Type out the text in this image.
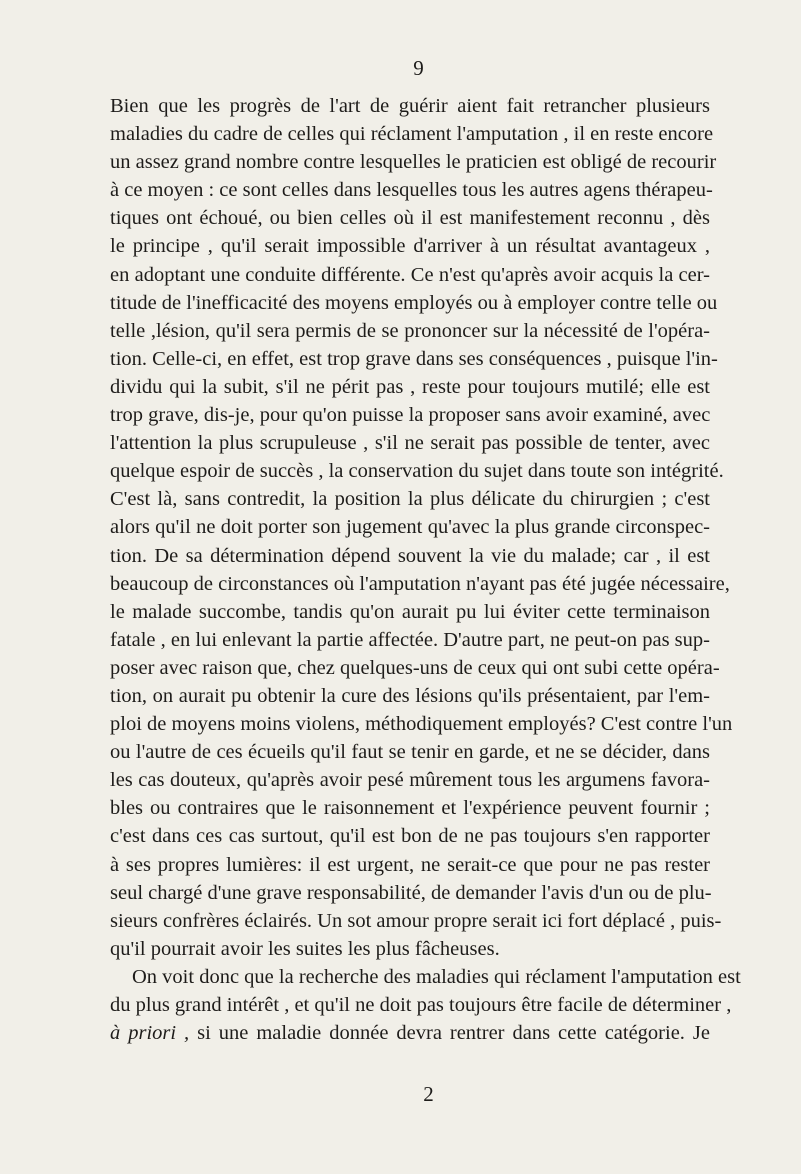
9
Bien que les progrès de l'art de guérir aient fait retrancher plusieurs
maladies du cadre de celles qui réclament l'amputation , il en reste encore
un assez grand nombre contre lesquelles le praticien est obligé de recourir
à ce moyen : ce sont celles dans lesquelles tous les autres agens thérapeu-
tiques ont échoué, ou bien celles où il est manifestement reconnu , dès
le principe , qu'il serait impossible d'arriver à un résultat avantageux ,
en adoptant une conduite différente. Ce n'est qu'après avoir acquis la cer-
titude de l'inefficacité des moyens employés ou à employer contre telle ou
telle ,lésion, qu'il sera permis de se prononcer sur la nécessité de l'opéra-
tion. Celle-ci, en effet, est trop grave dans ses conséquences , puisque l'in-
dividu qui la subit, s'il ne périt pas , reste pour toujours mutilé; elle est
trop grave, dis-je, pour qu'on puisse la proposer sans avoir examiné, avec
l'attention la plus scrupuleuse , s'il ne serait pas possible de tenter, avec
quelque espoir de succès , la conservation du sujet dans toute son intégrité.
C'est là, sans contredit, la position la plus délicate du chirurgien ; c'est
alors qu'il ne doit porter son jugement qu'avec la plus grande circonspec-
tion. De sa détermination dépend souvent la vie du malade; car , il est
beaucoup de circonstances où l'amputation n'ayant pas été jugée nécessaire,
le malade succombe, tandis qu'on aurait pu lui éviter cette terminaison
fatale , en lui enlevant la partie affectée. D'autre part, ne peut-on pas sup-
poser avec raison que, chez quelques-uns de ceux qui ont subi cette opéra-
tion, on aurait pu obtenir la cure des lésions qu'ils présentaient, par l'em-
ploi de moyens moins violens, méthodiquement employés? C'est contre l'un
ou l'autre de ces écueils qu'il faut se tenir en garde, et ne se décider, dans
les cas douteux, qu'après avoir pesé mûrement tous les argumens favora-
bles ou contraires que le raisonnement et l'expérience peuvent fournir ;
c'est dans ces cas surtout, qu'il est bon de ne pas toujours s'en rapporter
à ses propres lumières: il est urgent, ne serait-ce que pour ne pas rester
seul chargé d'une grave responsabilité, de demander l'avis d'un ou de plu-
sieurs confrères éclairés. Un sot amour propre serait ici fort déplacé , puis-
qu'il pourrait avoir les suites les plus fâcheuses.
On voit donc que la recherche des maladies qui réclament l'amputation est
du plus grand intérêt , et qu'il ne doit pas toujours être facile de déterminer ,
à priori , si une maladie donnée devra rentrer dans cette catégorie. Je
2
